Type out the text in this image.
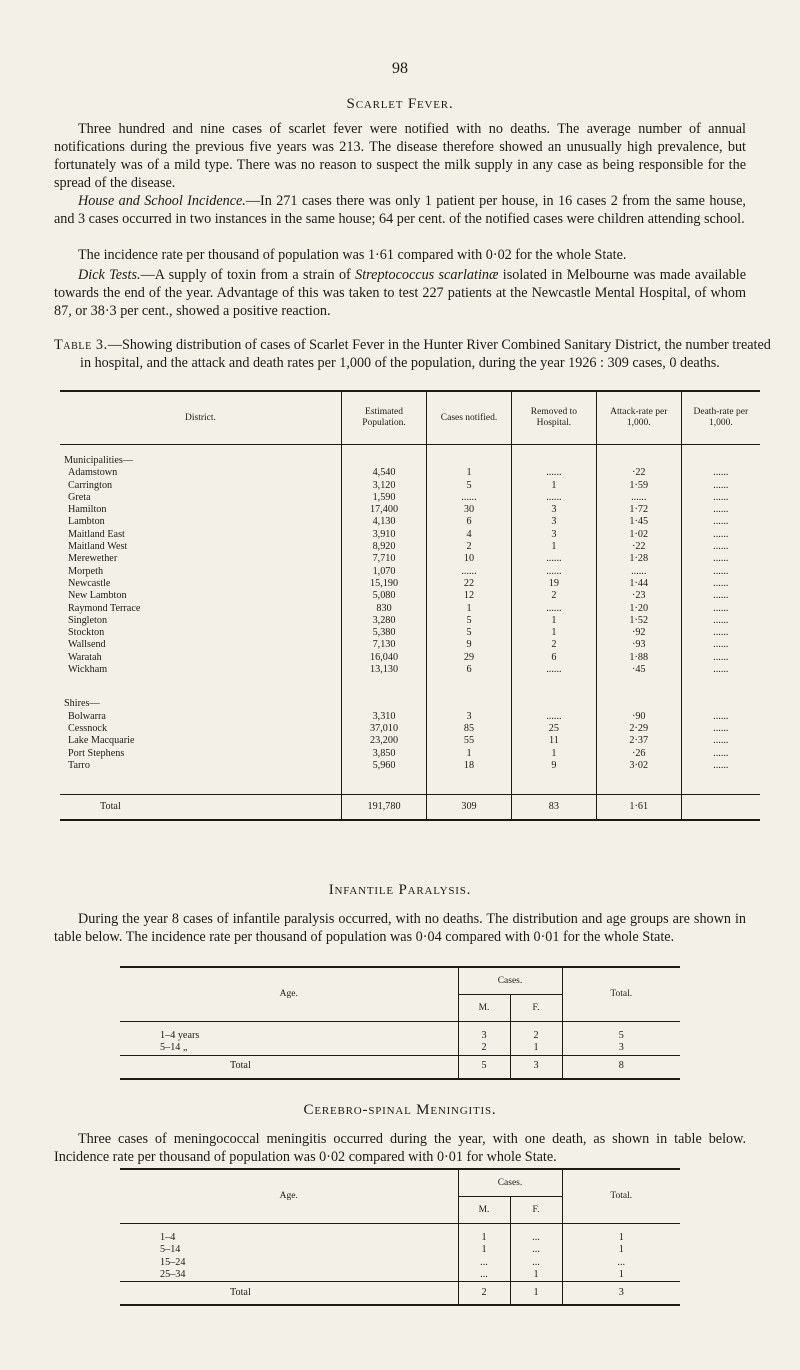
98
Scarlet Fever.

Three hundred and nine cases of scarlet fever were notified with no deaths. The average number of annual notifications during the previous five years was 213. The disease therefore showed an unusually high prevalence, but fortunately was of a mild type. There was no reason to suspect the milk supply in any case as being responsible for the spread of the disease.

House and School Incidence.—In 271 cases there was only 1 patient per house, in 16 cases 2 from the same house, and 3 cases occurred in two instances in the same house; 64 per cent. of the notified cases were children attending school.

The incidence rate per thousand of population was 1·61 compared with 0·02 for the whole State.

Dick Tests.—A supply of toxin from a strain of Streptococcus scarlatinæ isolated in Melbourne was made available towards the end of the year. Advantage of this was taken to test 227 patients at the Newcastle Mental Hospital, of whom 87, or 38·3 per cent., showed a positive reaction.

Table 3.—Showing distribution of cases of Scarlet Fever in the Hunter River Combined Sanitary District, the number treated in hospital, and the attack and death rates per 1,000 of the population, during the year 1926 : 309 cases, 0 deaths.

District.	Estimated Population.	Cases notified.	Removed to Hospital.	Attack-rate per 1,000.	Death-rate per 1,000.
Municipalities—					
Adamstown	4,540	1	......	·22	......
Carrington	3,120	5	1	1·59	......
Greta	1,590	......	......	......	......
Hamilton	17,400	30	3	1·72	......
Lambton	4,130	6	3	1·45	......
Maitland East	3,910	4	3	1·02	......
Maitland West	8,920	2	1	·22	......
Merewether	7,710	10	......	1·28	......
Morpeth	1,070	......	......	......	......
Newcastle	15,190	22	19	1·44	......
New Lambton	5,080	12	2	·23	......
Raymond Terrace	830	1	......	1·20	......
Singleton	3,280	5	1	1·52	......
Stockton	5,380	5	1	·92	......
Wallsend	7,130	9	2	·93	......
Waratah	16,040	29	6	1·88	......
Wickham	13,130	6	......	·45	......

Shires—					
Bolwarra	3,310	3	......	·90	......
Cessnock	37,010	85	25	2·29	......
Lake Macquarie	23,200	55	11	2·37	......
Port Stephens	3,850	1	1	·26	......
Tarro	5,960	18	9	3·02	......

Total	191,780	309	83	1·61	
Infantile Paralysis.

During the year 8 cases of infantile paralysis occurred, with no deaths. The distribution and age groups are shown in table below. The incidence rate per thousand of population was 0·04 compared with 0·01 for the whole State.

Age.	Cases.		Total.
	M.	F.	
1–4 years	3	2	5
5–14 „	2	1	3
Total	5	3	8
Cerebro-spinal Meningitis.

Three cases of meningococcal meningitis occurred during the year, with one death, as shown in table below. Incidence rate per thousand of population was 0·02 compared with 0·01 for whole State.

Age.	Cases.		Total.
	M.	F.	
1–4	1	...	1
5–14	1	...	1
15–24	...	...	...
25–34	...	1	1
Total	2	1	3
